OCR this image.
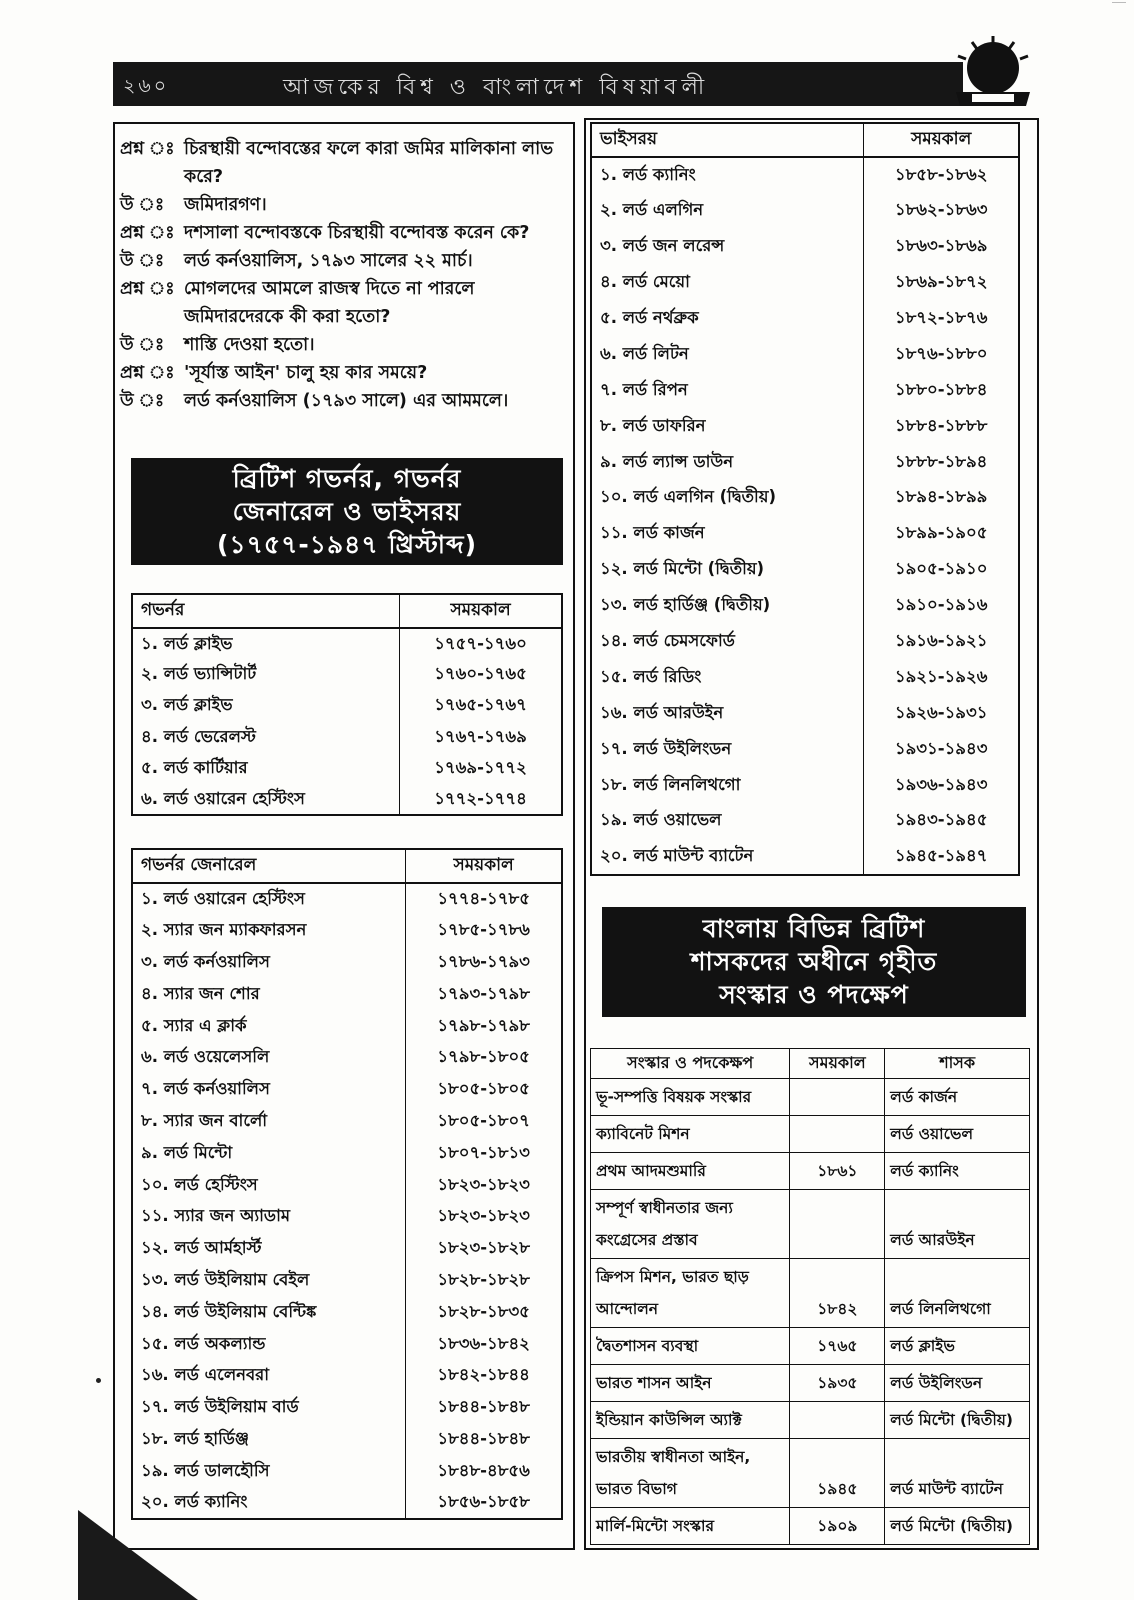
২৬০	আজকের বিশ্ব ও বাংলাদেশ বিষয়াবলী
প্রশ্ন ঃ চিরস্থায়ী বন্দোবস্তের ফলে কারা জমির মালিকানা লাভ করে?
উ ঃ	জমিদারগণ।
প্রশ্ন ঃ দশসালা বন্দোবস্তকে চিরস্থায়ী বন্দোবস্ত করেন কে?
উ ঃ	লর্ড কর্নওয়ালিস, ১৭৯৩ সালের ২২ মার্চ।
প্রশ্ন ঃ মোগলদের আমলে রাজস্ব দিতে না পারলে জমিদারদেরকে কী করা হতো?
উ ঃ	শাস্তি দেওয়া হতো।
প্রশ্ন ঃ 'সূর্যাস্ত আইন' চালু হয় কার সময়ে?
উ ঃ	লর্ড কর্নওয়ালিস (১৭৯৩ সালে) এর আমমলে।
ব্রিটিশ গভর্নর, গভর্নর
জেনারেল ও ভাইসরয়
(১৭৫৭-১৯৪৭ খ্রিস্টাব্দ)
গভর্নর	সময়কাল
১. লর্ড ক্লাইভ	১৭৫৭-১৭৬০
২. লর্ড ভ্যান্সিটার্ট	১৭৬০-১৭৬৫
৩. লর্ড ক্লাইভ	১৭৬৫-১৭৬৭
৪. লর্ড ভেরেলস্ট	১৭৬৭-১৭৬৯
৫. লর্ড কার্টিয়ার	১৭৬৯-১৭৭২
৬. লর্ড ওয়ারেন হেস্টিংস	১৭৭২-১৭৭৪
গভর্নর জেনারেল	সময়কাল
১. লর্ড ওয়ারেন হেস্টিংস	১৭৭৪-১৭৮৫
২. স্যার জন ম্যাকফারসন	১৭৮৫-১৭৮৬
৩. লর্ড কর্নওয়ালিস	১৭৮৬-১৭৯৩
৪. স্যার জন শোর	১৭৯৩-১৭৯৮
৫. স্যার এ ক্লার্ক	১৭৯৮-১৭৯৮
৬. লর্ড ওয়েলেসলি	১৭৯৮-১৮০৫
৭. লর্ড কর্নওয়ালিস	১৮০৫-১৮০৫
৮. স্যার জন বার্লো	১৮০৫-১৮০৭
৯. লর্ড মিন্টো	১৮০৭-১৮১৩
১০. লর্ড হেস্টিংস	১৮২৩-১৮২৩
১১. স্যার জন অ্যাডাম	১৮২৩-১৮২৩
১২. লর্ড আর্মহার্স্ট	১৮২৩-১৮২৮
১৩. লর্ড উইলিয়াম বেইল	১৮২৮-১৮২৮
১৪. লর্ড উইলিয়াম বেন্টিঙ্ক	১৮২৮-১৮৩৫
১৫. লর্ড অকল্যান্ড	১৮৩৬-১৮৪২
১৬. লর্ড এলেনবরা	১৮৪২-১৮৪৪
১৭. লর্ড উইলিয়াম বার্ড	১৮৪৪-১৮৪৮
১৮. লর্ড হার্ডিঞ্জ	১৮৪৪-১৮৪৮
১৯. লর্ড ডালহৌসি	১৮৪৮-৪৮৫৬
২০. লর্ড ক্যানিং	১৮৫৬-১৮৫৮
ভাইসরয়	সময়কাল
১. লর্ড ক্যানিং	১৮৫৮-১৮৬২
২. লর্ড এলগিন	১৮৬২-১৮৬৩
৩. লর্ড জন লরেন্স	১৮৬৩-১৮৬৯
৪. লর্ড মেয়ো	১৮৬৯-১৮৭২
৫. লর্ড নর্থব্রুক	১৮৭২-১৮৭৬
৬. লর্ড লিটন	১৮৭৬-১৮৮০
৭. লর্ড রিপন	১৮৮০-১৮৮৪
৮. লর্ড ডাফরিন	১৮৮৪-১৮৮৮
৯. লর্ড ল্যান্স ডাউন	১৮৮৮-১৮৯৪
১০. লর্ড এলগিন (দ্বিতীয়)	১৮৯৪-১৮৯৯
১১. লর্ড কার্জন	১৮৯৯-১৯০৫
১২. লর্ড মিন্টো (দ্বিতীয়)	১৯০৫-১৯১০
১৩. লর্ড হার্ডিঞ্জ (দ্বিতীয়)	১৯১০-১৯১৬
১৪. লর্ড চেমসফোর্ড	১৯১৬-১৯২১
১৫. লর্ড রিডিং	১৯২১-১৯২৬
১৬. লর্ড আরউইন	১৯২৬-১৯৩১
১৭. লর্ড উইলিংডন	১৯৩১-১৯৪৩
১৮. লর্ড লিনলিথগো	১৯৩৬-১৯৪৩
১৯. লর্ড ওয়াভেল	১৯৪৩-১৯৪৫
২০. লর্ড মাউন্ট ব্যাটেন	১৯৪৫-১৯৪৭
বাংলায় বিভিন্ন ব্রিটিশ
শাসকদের অধীনে গৃহীত
সংস্কার ও পদক্ষেপ
সংস্কার ও পদকেক্ষপ	সময়কাল	শাসক
ভূ-সম্পত্তি বিষয়ক সংস্কার		লর্ড কার্জন
ক্যাবিনেট মিশন		লর্ড ওয়াভেল
প্রথম আদমশুমারি	১৮৬১	লর্ড ক্যানিং
সম্পূর্ণ স্বাধীনতার জন্য কংগ্রেসের প্রস্তাব		লর্ড আরউইন
ক্রিপস মিশন, ভারত ছাড় আন্দোলন	১৮৪২	লর্ড লিনলিথগো
দ্বৈতশাসন ব্যবস্থা	১৭৬৫	লর্ড ক্লাইভ
ভারত শাসন আইন	১৯৩৫	লর্ড উইলিংডন
ইন্ডিয়ান কাউন্সিল অ্যাক্ট		লর্ড মিন্টো (দ্বিতীয়)
ভারতীয় স্বাধীনতা আইন, ভারত বিভাগ	১৯৪৫	লর্ড মাউন্ট ব্যাটেন
মার্লি-মিন্টো সংস্কার	১৯০৯	লর্ড মিন্টো (দ্বিতীয়)
